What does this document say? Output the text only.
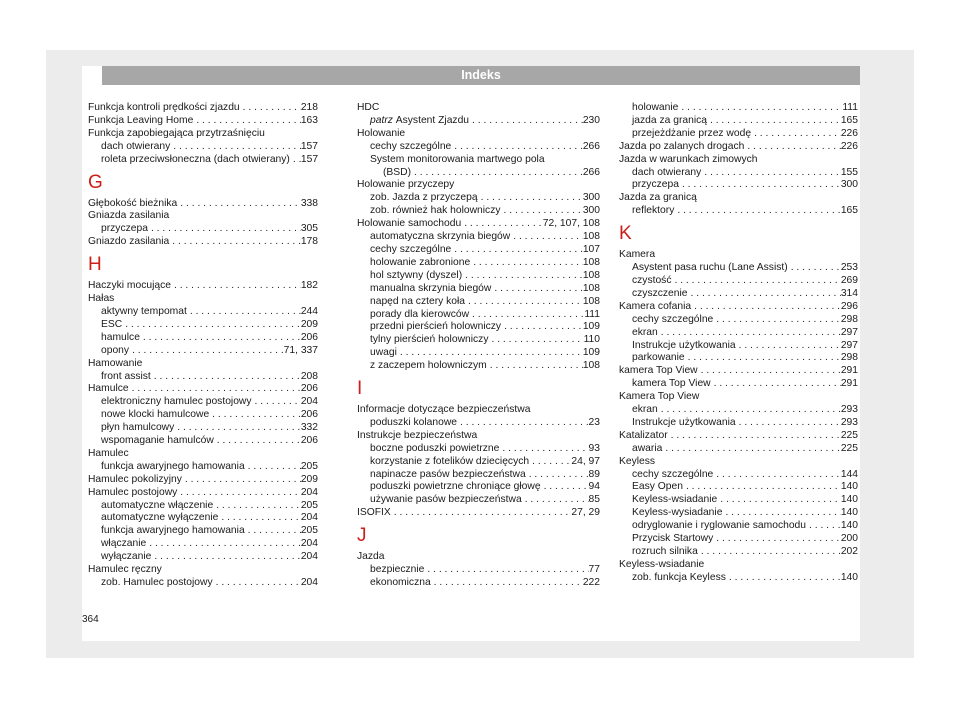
Indeks
Funkcja kontroli prędkości zjazdu . . .	218
Funkcja Leaving Home . . .	163
Funkcja zapobiegająca przytrzaśnięciu
dach otwierany . . .	157
roleta przeciwsłoneczna (dach otwierany) . . . 157
G
Głębokość bieżnika . . .	338
Gniazda zasilania
przyczepa . . .	305
Gniazdo zasilania . . .	178
H
Haczyki mocujące . . .	182
Hałas
aktywny tempomat . . .	244
ESC . . .	209
hamulce . . .	206
opony . . .	71, 337
Hamowanie
front assist . . .	208
Hamulce . . .	206
elektroniczny hamulec postojowy . . .	204
nowe klocki hamulcowe . . .	206
płyn hamulcowy . . .	332
wspomaganie hamulców . . .	206
Hamulec
funkcja awaryjnego hamowania . . .	205
Hamulec pokolizyjny . . .	209
Hamulec postojowy . . .	204
automatyczne włączenie . . .	205
automatyczne wyłączenie . . .	204
funkcja awaryjnego hamowania . . .	205
włączanie . . .	204
wyłączanie . . .	204
Hamulec ręczny
zob. Hamulec postojowy . . .	204
HDC
patrz Asystent Zjazdu . . .	230
Holowanie
cechy szczególne . . .	266
System monitorowania martwego pola
(BSD) . . .	266
Holowanie przyczepy
zob. Jazda z przyczepą . . .	300
zob. również hak holowniczy . . .	300
Holowanie samochodu . . .	72, 107, 108
automatyczna skrzynia biegów . . .	108
cechy szczególne . . .	107
holowanie zabronione . . .	108
hol sztywny (dyszel) . . .	108
manualna skrzynia biegów . . .	108
napęd na cztery koła . . .	108
porady dla kierowców . . .	111
przedni pierścień holowniczy . . .	109
tylny pierścień holowniczy . . .	110
uwagi . . .	109
z zaczepem holowniczym . . .	108
I
Informacje dotyczące bezpieczeństwa
poduszki kolanowe . . .	23
Instrukcje bezpieczeństwa
boczne poduszki powietrzne . . .	93
korzystanie z fotelików dziecięcych . . .	24, 97
napinacze pasów bezpieczeństwa . . .	89
poduszki powietrzne chroniące głowę . . .	94
używanie pasów bezpieczeństwa . . .	85
ISOFIX . . .	27, 29
J
Jazda
bezpiecznie . . .	77
ekonomiczna . . .	222
holowanie . . .	111
jazda za granicą . . .	165
przejeżdżanie przez wodę . . .	226
Jazda po zalanych drogach . . .	226
Jazda w warunkach zimowych
dach otwierany . . .	155
przyczepa . . .	300
Jazda za granicą
reflektory . . .	165
K
Kamera
Asystent pasa ruchu (Lane Assist) . . .	253
czystość . . .	269
czyszczenie . . .	314
Kamera cofania . . .	296
cechy szczególne . . .	298
ekran . . .	297
Instrukcje użytkowania . . .	297
parkowanie . . .	298
kamera Top View . . .	291
kamera Top View . . .	291
Kamera Top View
ekran . . .	293
Instrukcje użytkowania . . .	293
Katalizator . . .	225
awaria . . .	225
Keyless
cechy szczególne . . .	144
Easy Open . . .	140
Keyless-wsiadanie . . .	140
Keyless-wysiadanie . . .	140
odryglowanie i ryglowanie samochodu . . .	140
Przycisk Startowy . . .	200
rozruch silnika . . .	202
Keyless-wsiadanie
zob. funkcja Keyless . . .	140
364
